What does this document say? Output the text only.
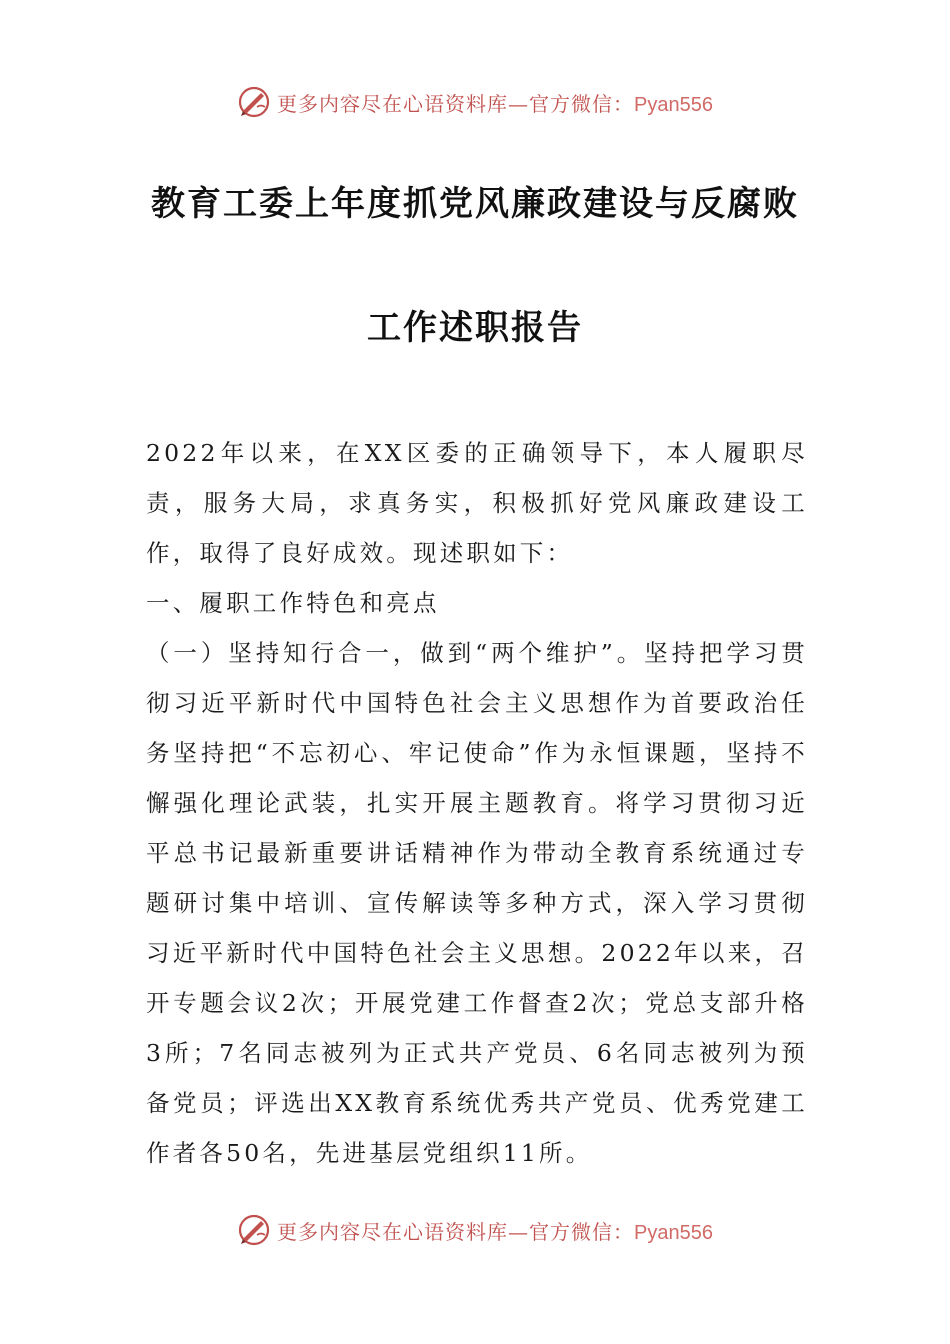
更多内容尽在心语资料库—官方微信：Pyan556
教育工委上年度抓党风廉政建设与反腐败
工作述职报告

2022年以来，在XX区委的正确领导下，本人履职尽责，服务大局，求真务实，积极抓好党风廉政建设工作，取得了良好成效。现述职如下：

一、履职工作特色和亮点

（一）坚持知行合一，做到“两个维护”。坚持把学习贯彻习近平新时代中国特色社会主义思想作为首要政治任务坚持把“不忘初心、牢记使命”作为永恒课题，坚持不懈强化理论武装，扎实开展主题教育。将学习贯彻习近平总书记最新重要讲话精神作为带动全教育系统通过专题研讨集中培训、宣传解读等多种方式，深入学习贯彻习近平新时代中国特色社会主义思想。2022年以来，召开专题会议2次；开展党建工作督查2次；党总支部升格3所；7名同志被列为正式共产党员、6名同志被列为预备党员；评选出XX教育系统优秀共产党员、优秀党建工作者各50名，先进基层党组织11所。

更多内容尽在心语资料库—官方微信：Pyan556
